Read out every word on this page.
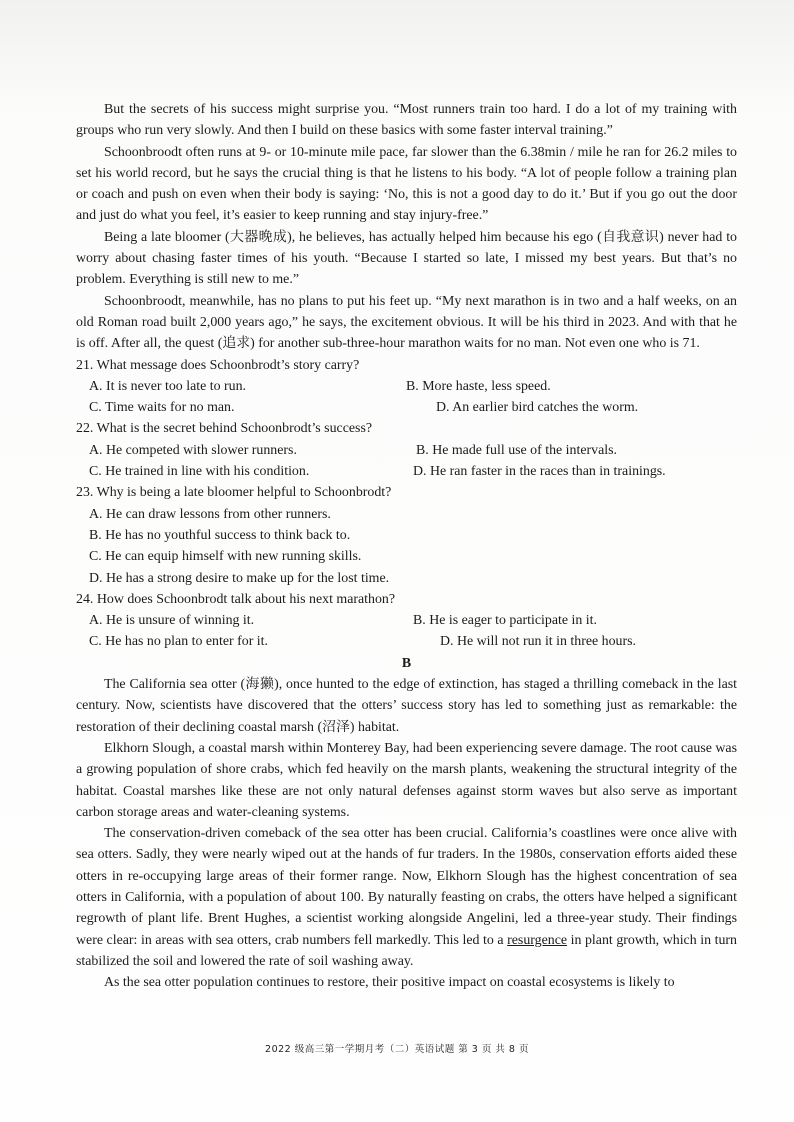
But the secrets of his success might surprise you. “Most runners train too hard. I do a lot of my training with groups who run very slowly. And then I build on these basics with some faster interval training.”

Schoonbroodt often runs at 9- or 10-minute mile pace, far slower than the 6.38min / mile he ran for 26.2 miles to set his world record, but he says the crucial thing is that he listens to his body. “A lot of people follow a training plan or coach and push on even when their body is saying: ‘No, this is not a good day to do it.’ But if you go out the door and just do what you feel, it’s easier to keep running and stay injury-free.”

Being a late bloomer (大器晚成), he believes, has actually helped him because his ego (自我意识) never had to worry about chasing faster times of his youth. “Because I started so late, I missed my best years. But that’s no problem. Everything is still new to me.”

Schoonbroodt, meanwhile, has no plans to put his feet up. “My next marathon is in two and a half weeks, on an old Roman road built 2,000 years ago,” he says, the excitement obvious. It will be his third in 2023. And with that he is off. After all, the quest (追求) for another sub-three-hour marathon waits for no man. Not even one who is 71.

21. What message does Schoonbrodt’s story carry?

A. It is never too late to run.	B. More haste, less speed.
C. Time waits for no man.	D. An earlier bird catches the worm.

22. What is the secret behind Schoonbrodt’s success?

A. He competed with slower runners.	B. He made full use of the intervals.
C. He trained in line with his condition.	D. He ran faster in the races than in trainings.

23. Why is being a late bloomer helpful to Schoonbrodt?

A. He can draw lessons from other runners.

B. He has no youthful success to think back to.

C. He can equip himself with new running skills.

D. He has a strong desire to make up for the lost time.

24. How does Schoonbrodt talk about his next marathon?

A. He is unsure of winning it.	B. He is eager to participate in it.
C. He has no plan to enter for it.	D. He will not run it in three hours.

B

The California sea otter (海獭), once hunted to the edge of extinction, has staged a thrilling comeback in the last century. Now, scientists have discovered that the otters’ success story has led to something just as remarkable: the restoration of their declining coastal marsh (沼泽) habitat.

Elkhorn Slough, a coastal marsh within Monterey Bay, had been experiencing severe damage. The root cause was a growing population of shore crabs, which fed heavily on the marsh plants, weakening the structural integrity of the habitat. Coastal marshes like these are not only natural defenses against storm waves but also serve as important carbon storage areas and water-cleaning systems.

The conservation-driven comeback of the sea otter has been crucial. California’s coastlines were once alive with sea otters. Sadly, they were nearly wiped out at the hands of fur traders. In the 1980s, conservation efforts aided these otters in re-occupying large areas of their former range. Now, Elkhorn Slough has the highest concentration of sea otters in California, with a population of about 100. By naturally feasting on crabs, the otters have helped a significant regrowth of plant life. Brent Hughes, a scientist working alongside Angelini, led a three-year study. Their findings were clear: in areas with sea otters, crab numbers fell markedly. This led to a resurgence in plant growth, which in turn stabilized the soil and lowered the rate of soil washing away.

As the sea otter population continues to restore, their positive impact on coastal ecosystems is likely to

2022 级高三第一学期月考（二）英语试题 第 3 页 共 8 页
